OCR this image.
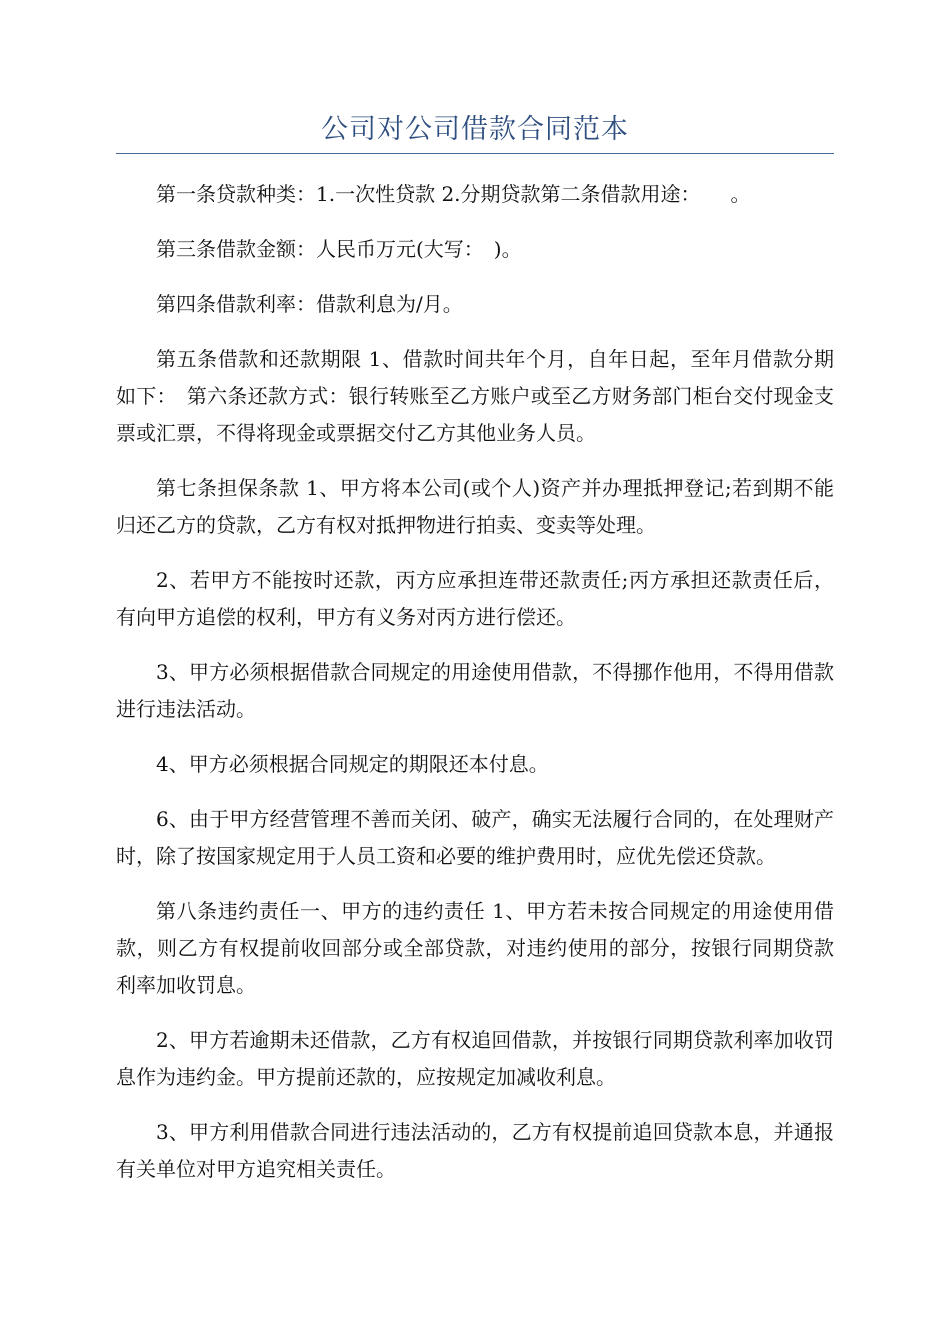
公司对公司借款合同范本

第一条贷款种类：1.一次性贷款 2.分期贷款第二条借款用途：　　。

第三条借款金额：人民币万元(大写：　)。

第四条借款利率：借款利息为/月。

第五条借款和还款期限 1、借款时间共年个月，自年日起，至年月借款分期如下：　第六条还款方式：银行转账至乙方账户或至乙方财务部门柜台交付现金支票或汇票，不得将现金或票据交付乙方其他业务人员。

第七条担保条款 1、甲方将本公司(或个人)资产并办理抵押登记;若到期不能归还乙方的贷款，乙方有权对抵押物进行拍卖、变卖等处理。

2、若甲方不能按时还款，丙方应承担连带还款责任;丙方承担还款责任后，有向甲方追偿的权利，甲方有义务对丙方进行偿还。

3、甲方必须根据借款合同规定的用途使用借款，不得挪作他用，不得用借款进行违法活动。

4、甲方必须根据合同规定的期限还本付息。

6、由于甲方经营管理不善而关闭、破产，确实无法履行合同的，在处理财产时，除了按国家规定用于人员工资和必要的维护费用时，应优先偿还贷款。

第八条违约责任一、甲方的违约责任 1、甲方若未按合同规定的用途使用借款，则乙方有权提前收回部分或全部贷款，对违约使用的部分，按银行同期贷款利率加收罚息。

2、甲方若逾期未还借款，乙方有权追回借款，并按银行同期贷款利率加收罚息作为违约金。甲方提前还款的，应按规定加减收利息。

3、甲方利用借款合同进行违法活动的，乙方有权提前追回贷款本息，并通报有关单位对甲方追究相关责任。
